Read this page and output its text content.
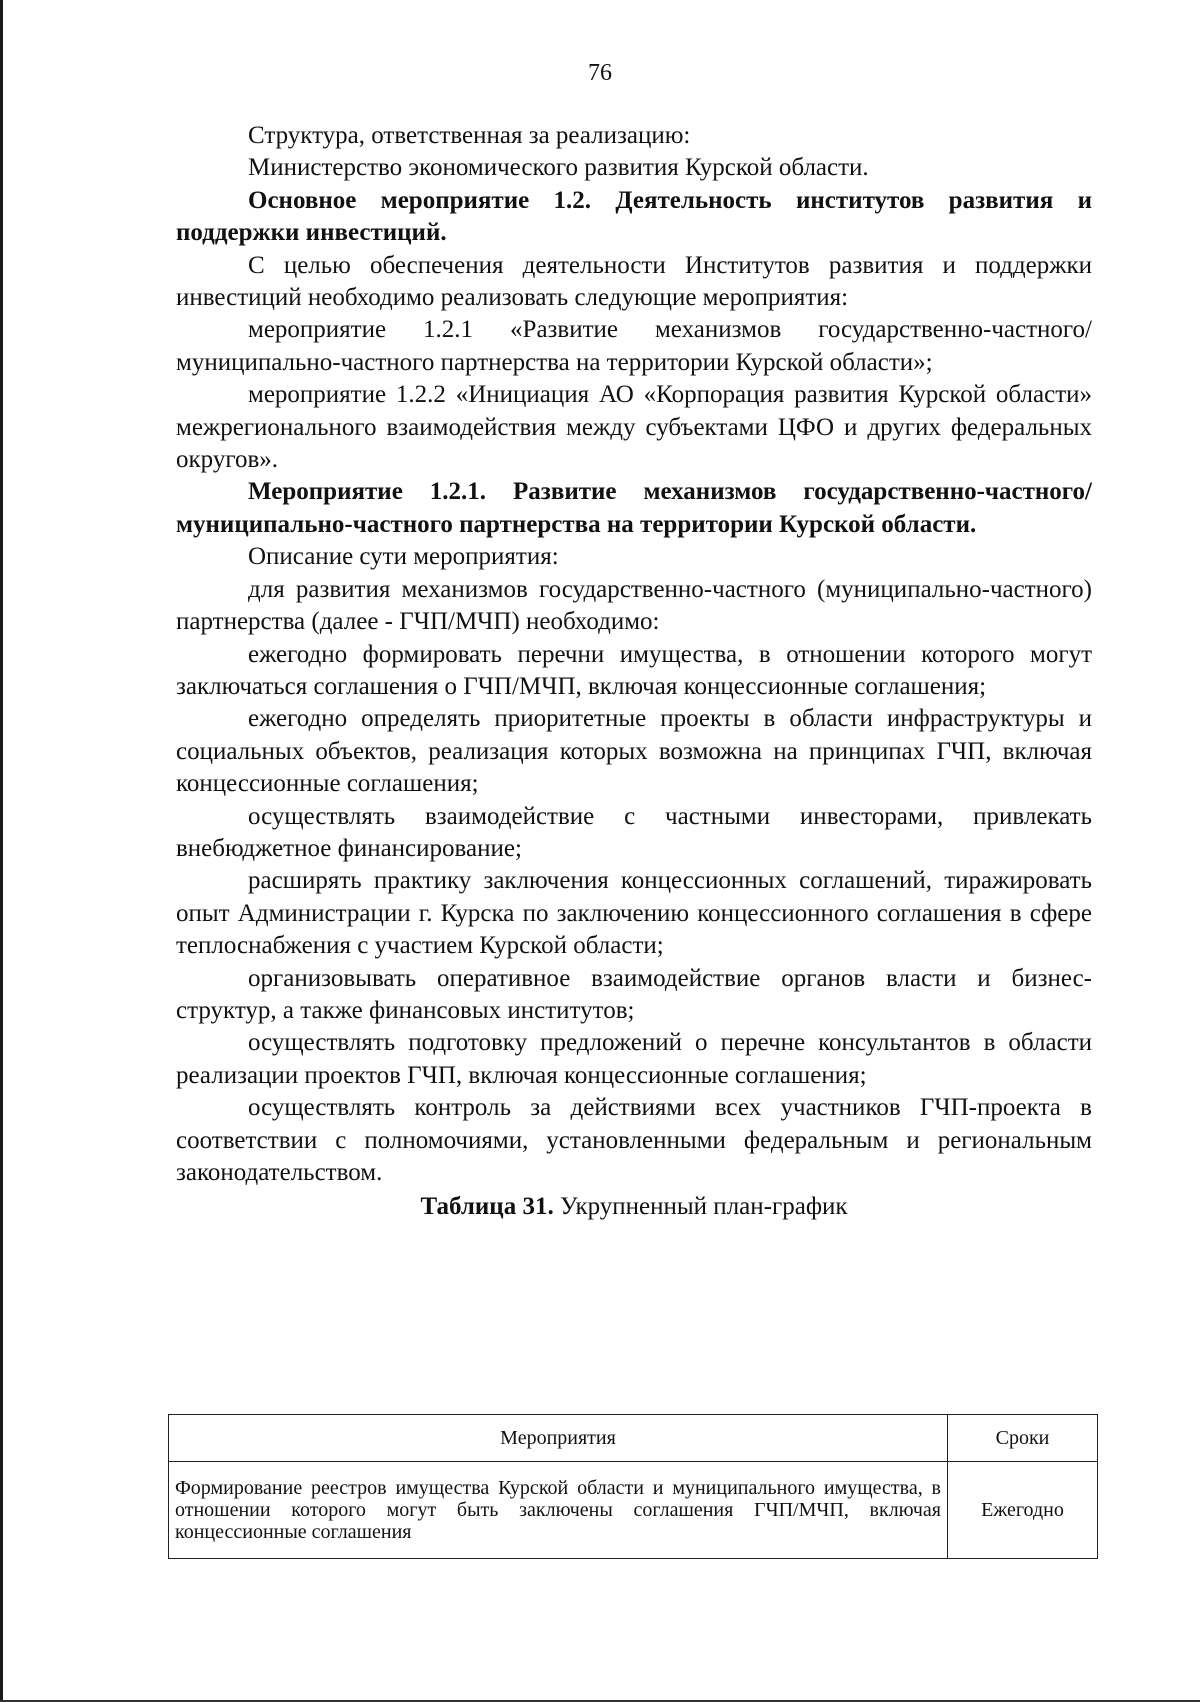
76

Структура, ответственная за реализацию:

Министерство экономического развития Курской области.

Основное мероприятие 1.2. Деятельность институтов развития и поддержки инвестиций.

С целью обеспечения деятельности Институтов развития и поддержки инвестиций необходимо реализовать следующие мероприятия:

мероприятие 1.2.1 «Развитие механизмов государственно-частного/муниципально-частного партнерства на территории Курской области»;

мероприятие 1.2.2 «Инициация АО «Корпорация развития Курской области» межрегионального взаимодействия между субъектами ЦФО и других федеральных округов».

Мероприятие 1.2.1. Развитие механизмов государственно-частного/муниципально-частного партнерства на территории Курской области.

Описание сути мероприятия:

для развития механизмов государственно-частного (муниципально-частного) партнерства (далее - ГЧП/МЧП) необходимо:

ежегодно формировать перечни имущества, в отношении которого могут заключаться соглашения о ГЧП/МЧП, включая концессионные соглашения;

ежегодно определять приоритетные проекты в области инфраструктуры и социальных объектов, реализация которых возможна на принципах ГЧП, включая концессионные соглашения;

осуществлять взаимодействие с частными инвесторами, привлекать внебюджетное финансирование;

расширять практику заключения концессионных соглашений, тиражировать опыт Администрации г. Курска по заключению концессионного соглашения в сфере теплоснабжения с участием Курской области;

организовывать оперативное взаимодействие органов власти и бизнес-структур, а также финансовых институтов;

осуществлять подготовку предложений о перечне консультантов в области реализации проектов ГЧП, включая концессионные соглашения;

осуществлять контроль за действиями всех участников ГЧП-проекта в соответствии с полномочиями, установленными федеральным и региональным законодательством.

Таблица 31. Укрупненный план-график

Мероприятия	Сроки
Формирование реестров имущества Курской области и муниципального имущества, в отношении которого могут быть заключены соглашения ГЧП/МЧП, включая концессионные соглашения	Ежегодно
